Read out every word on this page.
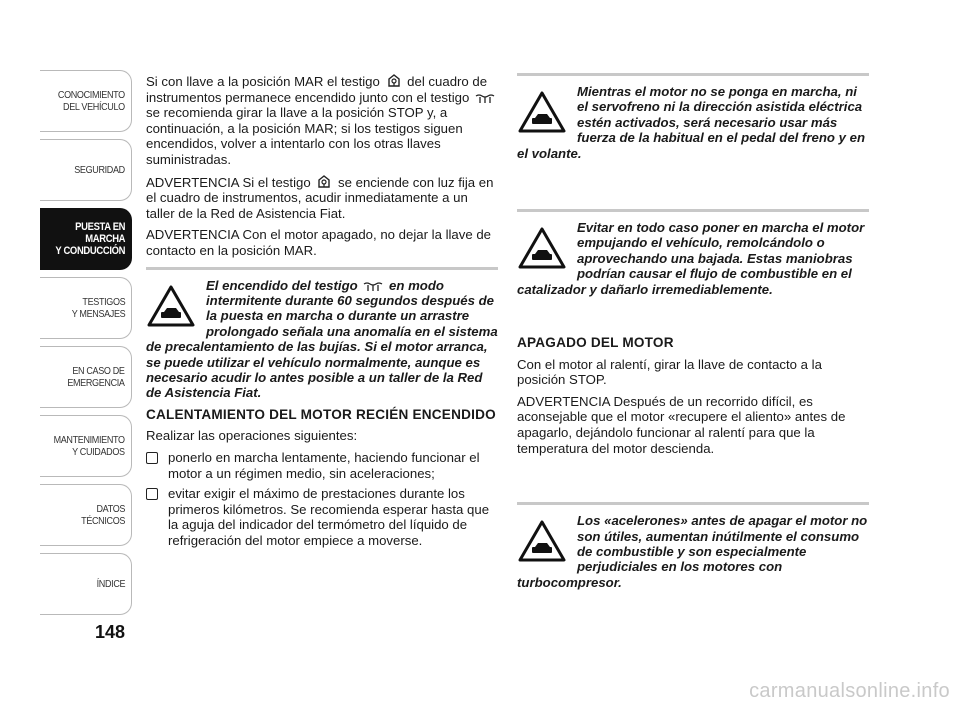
CONOCIMIENTO
DEL VEHÍCULO
SEGURIDAD
PUESTA EN
MARCHA
Y CONDUCCIÓN
TESTIGOS
Y MENSAJES
EN CASO DE
EMERGENCIA
MANTENIMIENTO
Y CUIDADOS
DATOS
TÉCNICOS
ÍNDICE
148

Si con llave a la posición MAR el testigo del cuadro de instrumentos permanece encendido junto con el testigo  se recomienda girar la llave a la posición STOP y, a continuación, a la posición MAR; si los testigos siguen encendidos, volver a intentarlo con los otras llaves suministradas.

ADVERTENCIA Si el testigo se enciende con luz fija en el cuadro de instrumentos, acudir inmediatamente a un taller de la Red de Asistencia Fiat.

ADVERTENCIA Con el motor apagado, no dejar la llave de contacto en la posición MAR.

El encendido del testigo en modo intermitente durante 60 segundos después de la puesta en marcha o durante un arrastre prolongado señala una anomalía en el sistema de precalentamiento de las bujías. Si el motor arranca, se puede utilizar el vehículo normalmente, aunque es necesario acudir lo antes posible a un taller de la Red de Asistencia Fiat.
CALENTAMIENTO DEL MOTOR RECIÉN ENCENDIDO

Realizar las operaciones siguientes:

ponerlo en marcha lentamente, haciendo funcionar el motor a un régimen medio, sin aceleraciones;
evitar exigir el máximo de prestaciones durante los primeros kilómetros. Se recomienda esperar hasta que la aguja del indicador del termómetro del líquido de refrigeración del motor empiece a moverse.
Mientras el motor no se ponga en marcha, ni el servofreno ni la dirección asistida eléctrica estén activados, será necesario usar más fuerza de la habitual en el pedal del freno y en el volante.
Evitar en todo caso poner en marcha el motor empujando el vehículo, remolcándolo o aprovechando una bajada. Estas maniobras podrían causar el flujo de combustible en el catalizador y dañarlo irremediablemente.
APAGADO DEL MOTOR

Con el motor al ralentí, girar la llave de contacto a la posición STOP.

ADVERTENCIA Después de un recorrido difícil, es aconsejable que el motor «recupere el aliento» antes de apagarlo, dejándolo funcionar al ralentí para que la temperatura del motor descienda.

Los «acelerones» antes de apagar el motor no son útiles, aumentan inútilmente el consumo de combustible y son especialmente perjudiciales en los motores con turbocompresor.
carmanualsonline.info
